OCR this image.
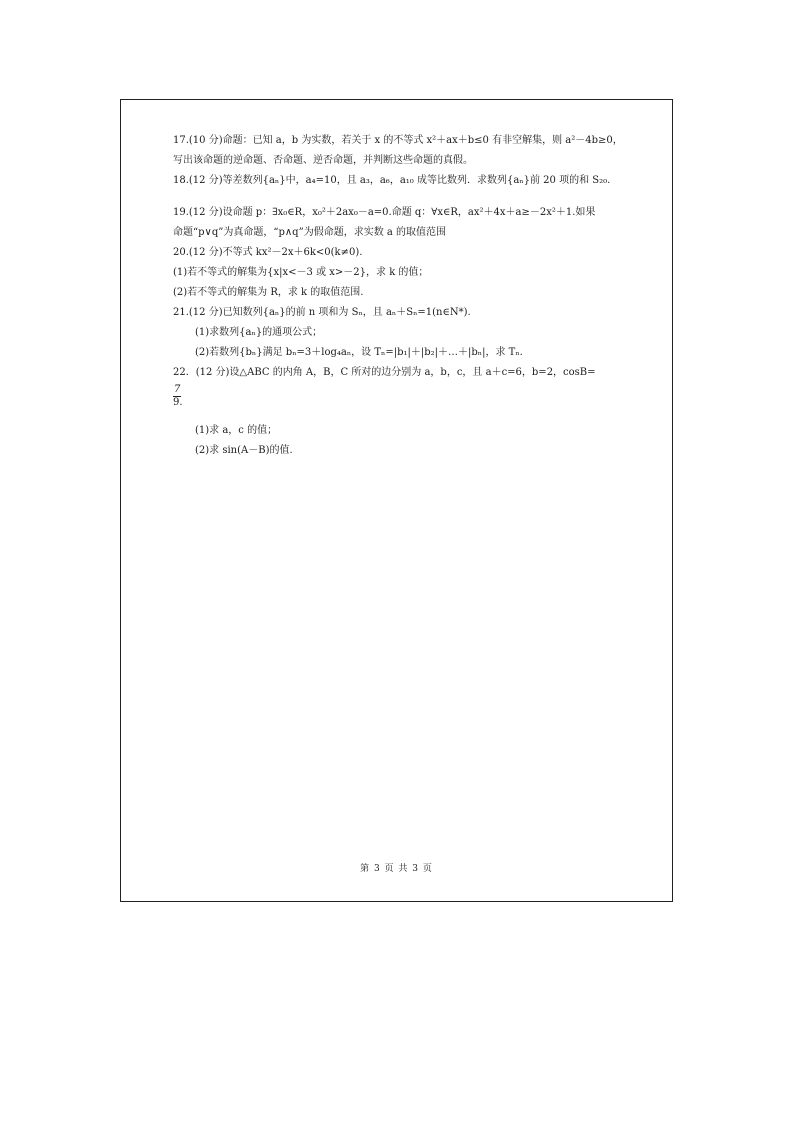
17.(10 分)命题：已知 a，b 为实数，若关于 x 的不等式 x²＋ax＋b≤0 有非空解集，则 a²－4b≥0，
写出该命题的逆命题、否命题、逆否命题，并判断这些命题的真假。
18.(12 分)等差数列{aₙ}中，a₄=10，且 a₃，a₆，a₁₀ 成等比数列．求数列{aₙ}前 20 项的和 S₂₀.
19.(12 分)设命题 p：∃x₀∈R，x₀²＋2ax₀－a=0.命题 q：∀x∈R，ax²＋4x＋a≥－2x²＋1.如果
命题“p∨q”为真命题，“p∧q”为假命题，求实数 a 的取值范围
20.(12 分)不等式 kx²－2x＋6k<0(k≠0).
(1)若不等式的解集为{x|x<－3 或 x>－2}，求 k 的值；
(2)若不等式的解集为 R，求 k 的取值范围.
21.(12 分)已知数列{aₙ}的前 n 项和为 Sₙ，且 aₙ＋Sₙ=1(n∈N*).
(1)求数列{aₙ}的通项公式；
(2)若数列{bₙ}满足 bₙ=3＋log₄aₙ，设 Tₙ=|b₁|＋|b₂|＋…＋|bₙ|，求 Tₙ.
22．(12 分)设△ABC 的内角 A，B，C 所对的边分别为 a，b，c，且 a＋c=6，b=2，cosB=
7
9.
(1)求 a，c 的值；
(2)求 sin(A－B)的值.
第 3 页 共 3 页
